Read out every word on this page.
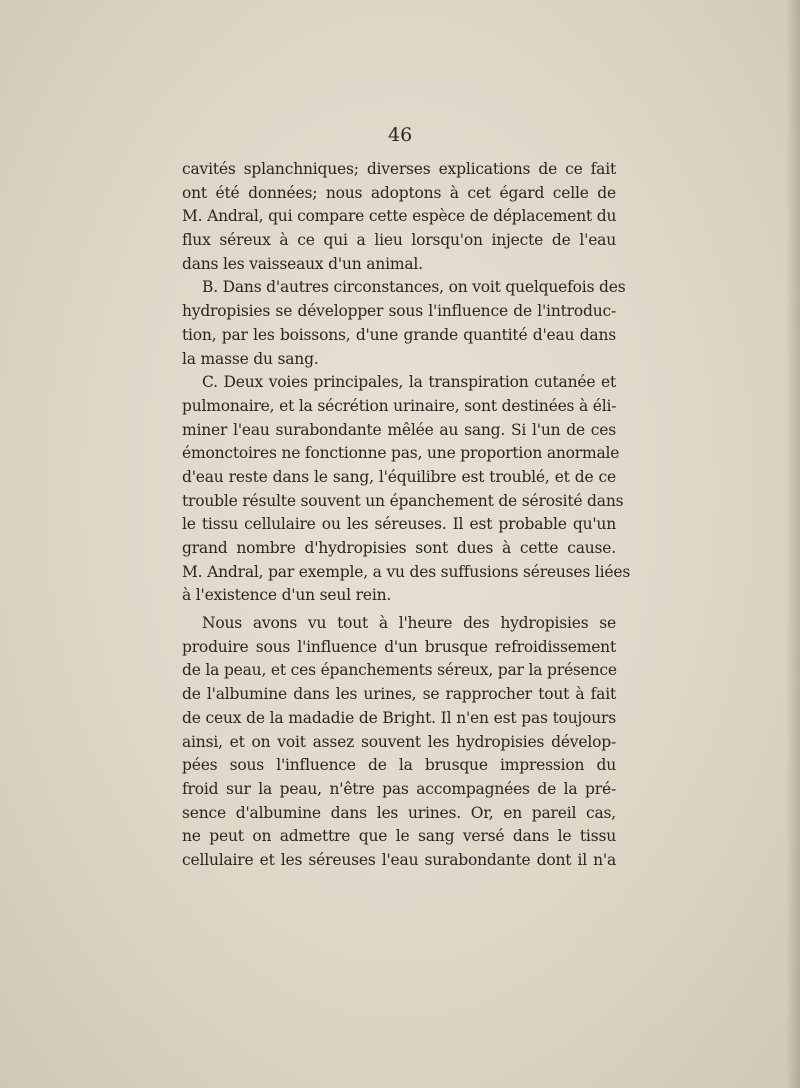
46
cavités splanchniques; diverses explications de ce fait
ont été données; nous adoptons à cet égard celle de
M. Andral, qui compare cette espèce de déplacement du
flux séreux à ce qui a lieu lorsqu'on injecte de l'eau
dans les vaisseaux d'un animal.
B. Dans d'autres circonstances, on voit quelquefois des
hydropisies se développer sous l'influence de l'introduc-
tion, par les boissons, d'une grande quantité d'eau dans
la masse du sang.
C. Deux voies principales, la transpiration cutanée et
pulmonaire, et la sécrétion urinaire, sont destinées à éli-
miner l'eau surabondante mêlée au sang. Si l'un de ces
émonctoires ne fonctionne pas, une proportion anormale
d'eau reste dans le sang, l'équilibre est troublé, et de ce
trouble résulte souvent un épanchement de sérosité dans
le tissu cellulaire ou les séreuses. Il est probable qu'un
grand nombre d'hydropisies sont dues à cette cause.
M. Andral, par exemple, a vu des suffusions séreuses liées
à l'existence d'un seul rein.
Nous avons vu tout à l'heure des hydropisies se
produire sous l'influence d'un brusque refroidissement
de la peau, et ces épanchements séreux, par la présence
de l'albumine dans les urines, se rapprocher tout à fait
de ceux de la madadie de Bright. Il n'en est pas toujours
ainsi, et on voit assez souvent les hydropisies dévelop-
pées sous l'influence de la brusque impression du
froid sur la peau, n'être pas accompagnées de la pré-
sence d'albumine dans les urines. Or, en pareil cas,
ne peut on admettre que le sang versé dans le tissu
cellulaire et les séreuses l'eau surabondante dont il n'a
